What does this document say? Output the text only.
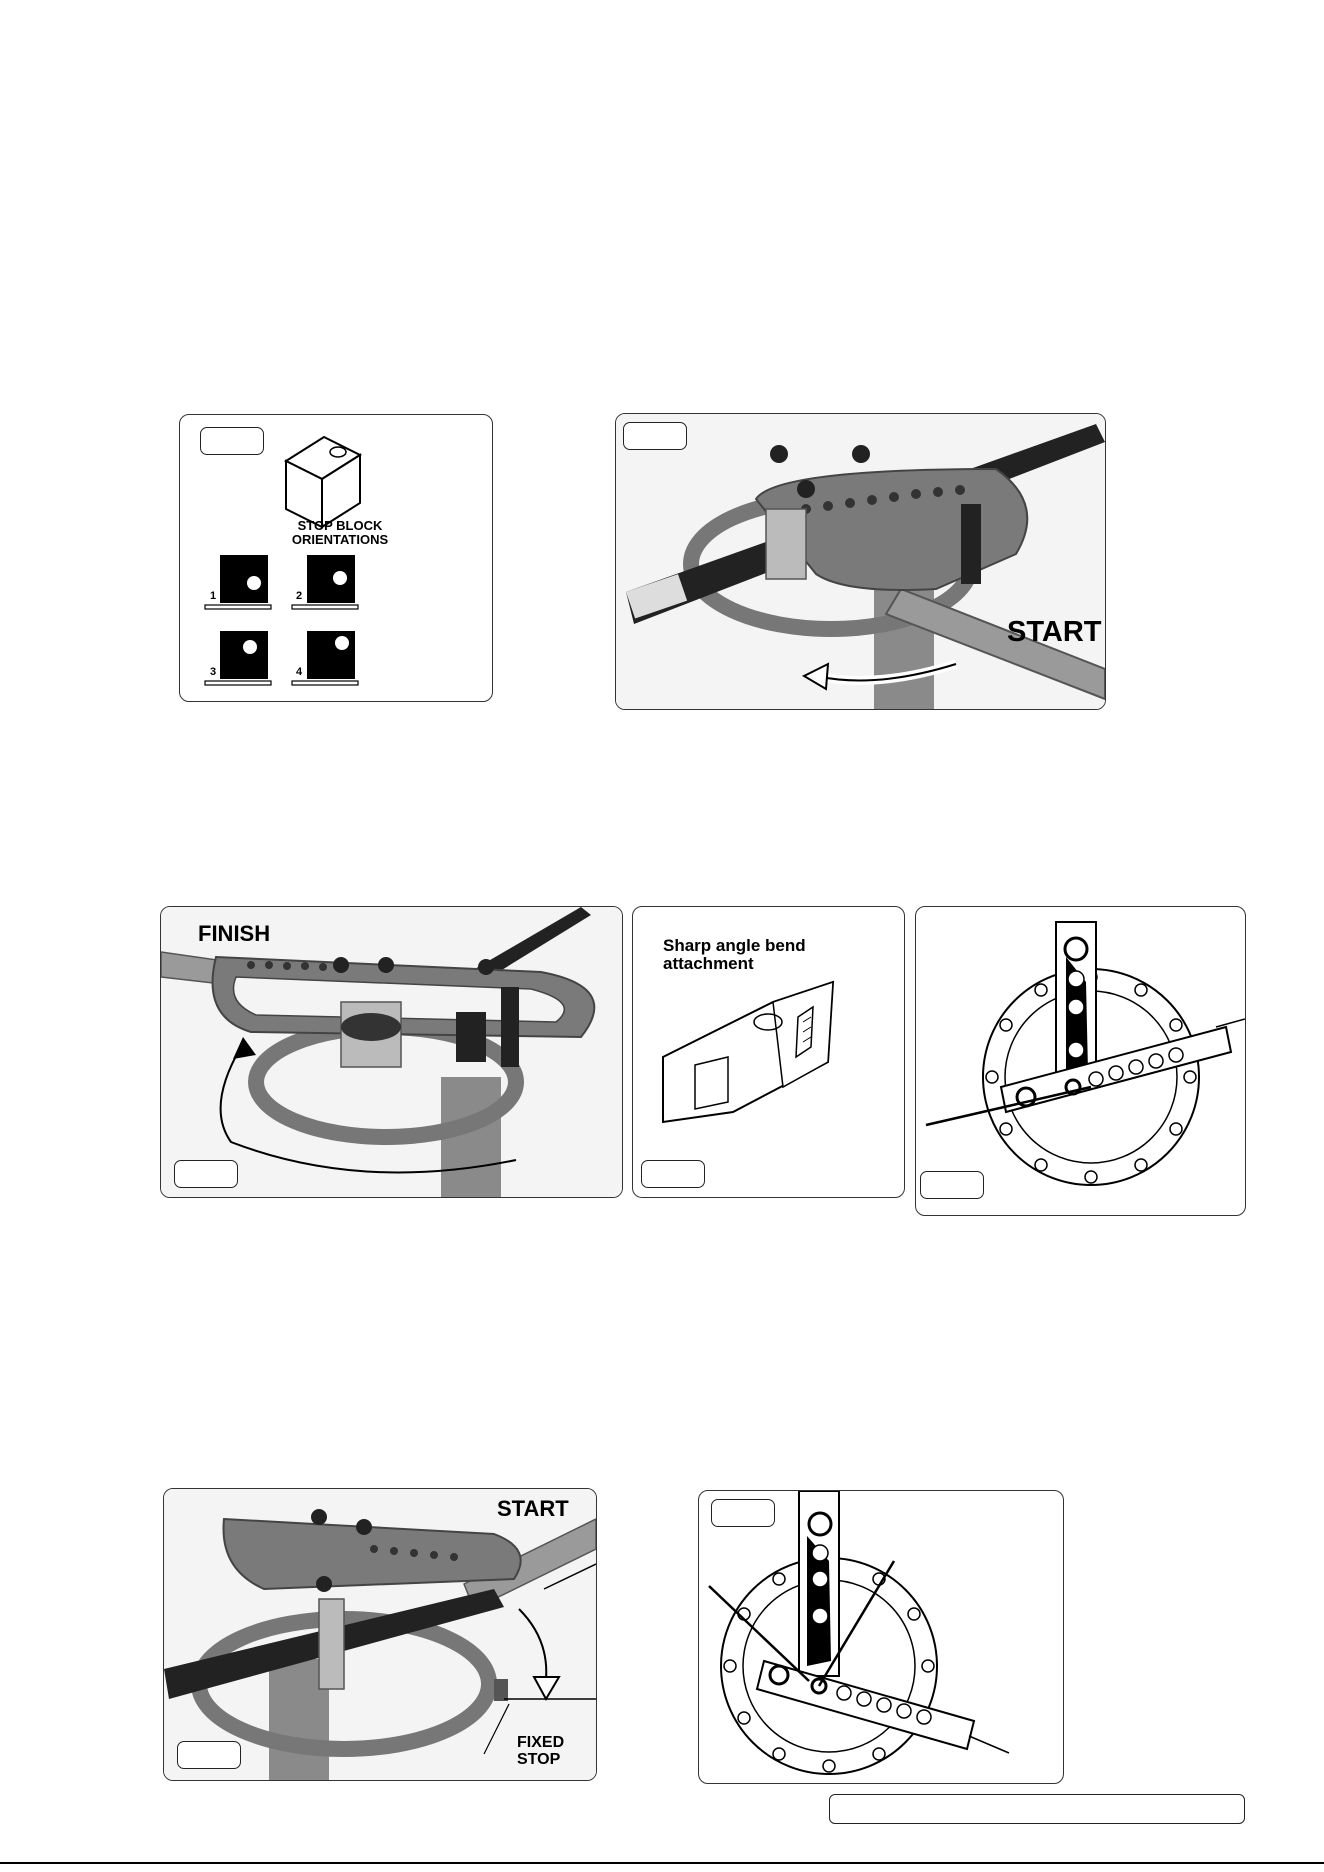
STOP BLOCK
ORIENTATIONS
1	2
3	4
START
FINISH	Sharp angle bend
attachment
START
FIXED
STOP
